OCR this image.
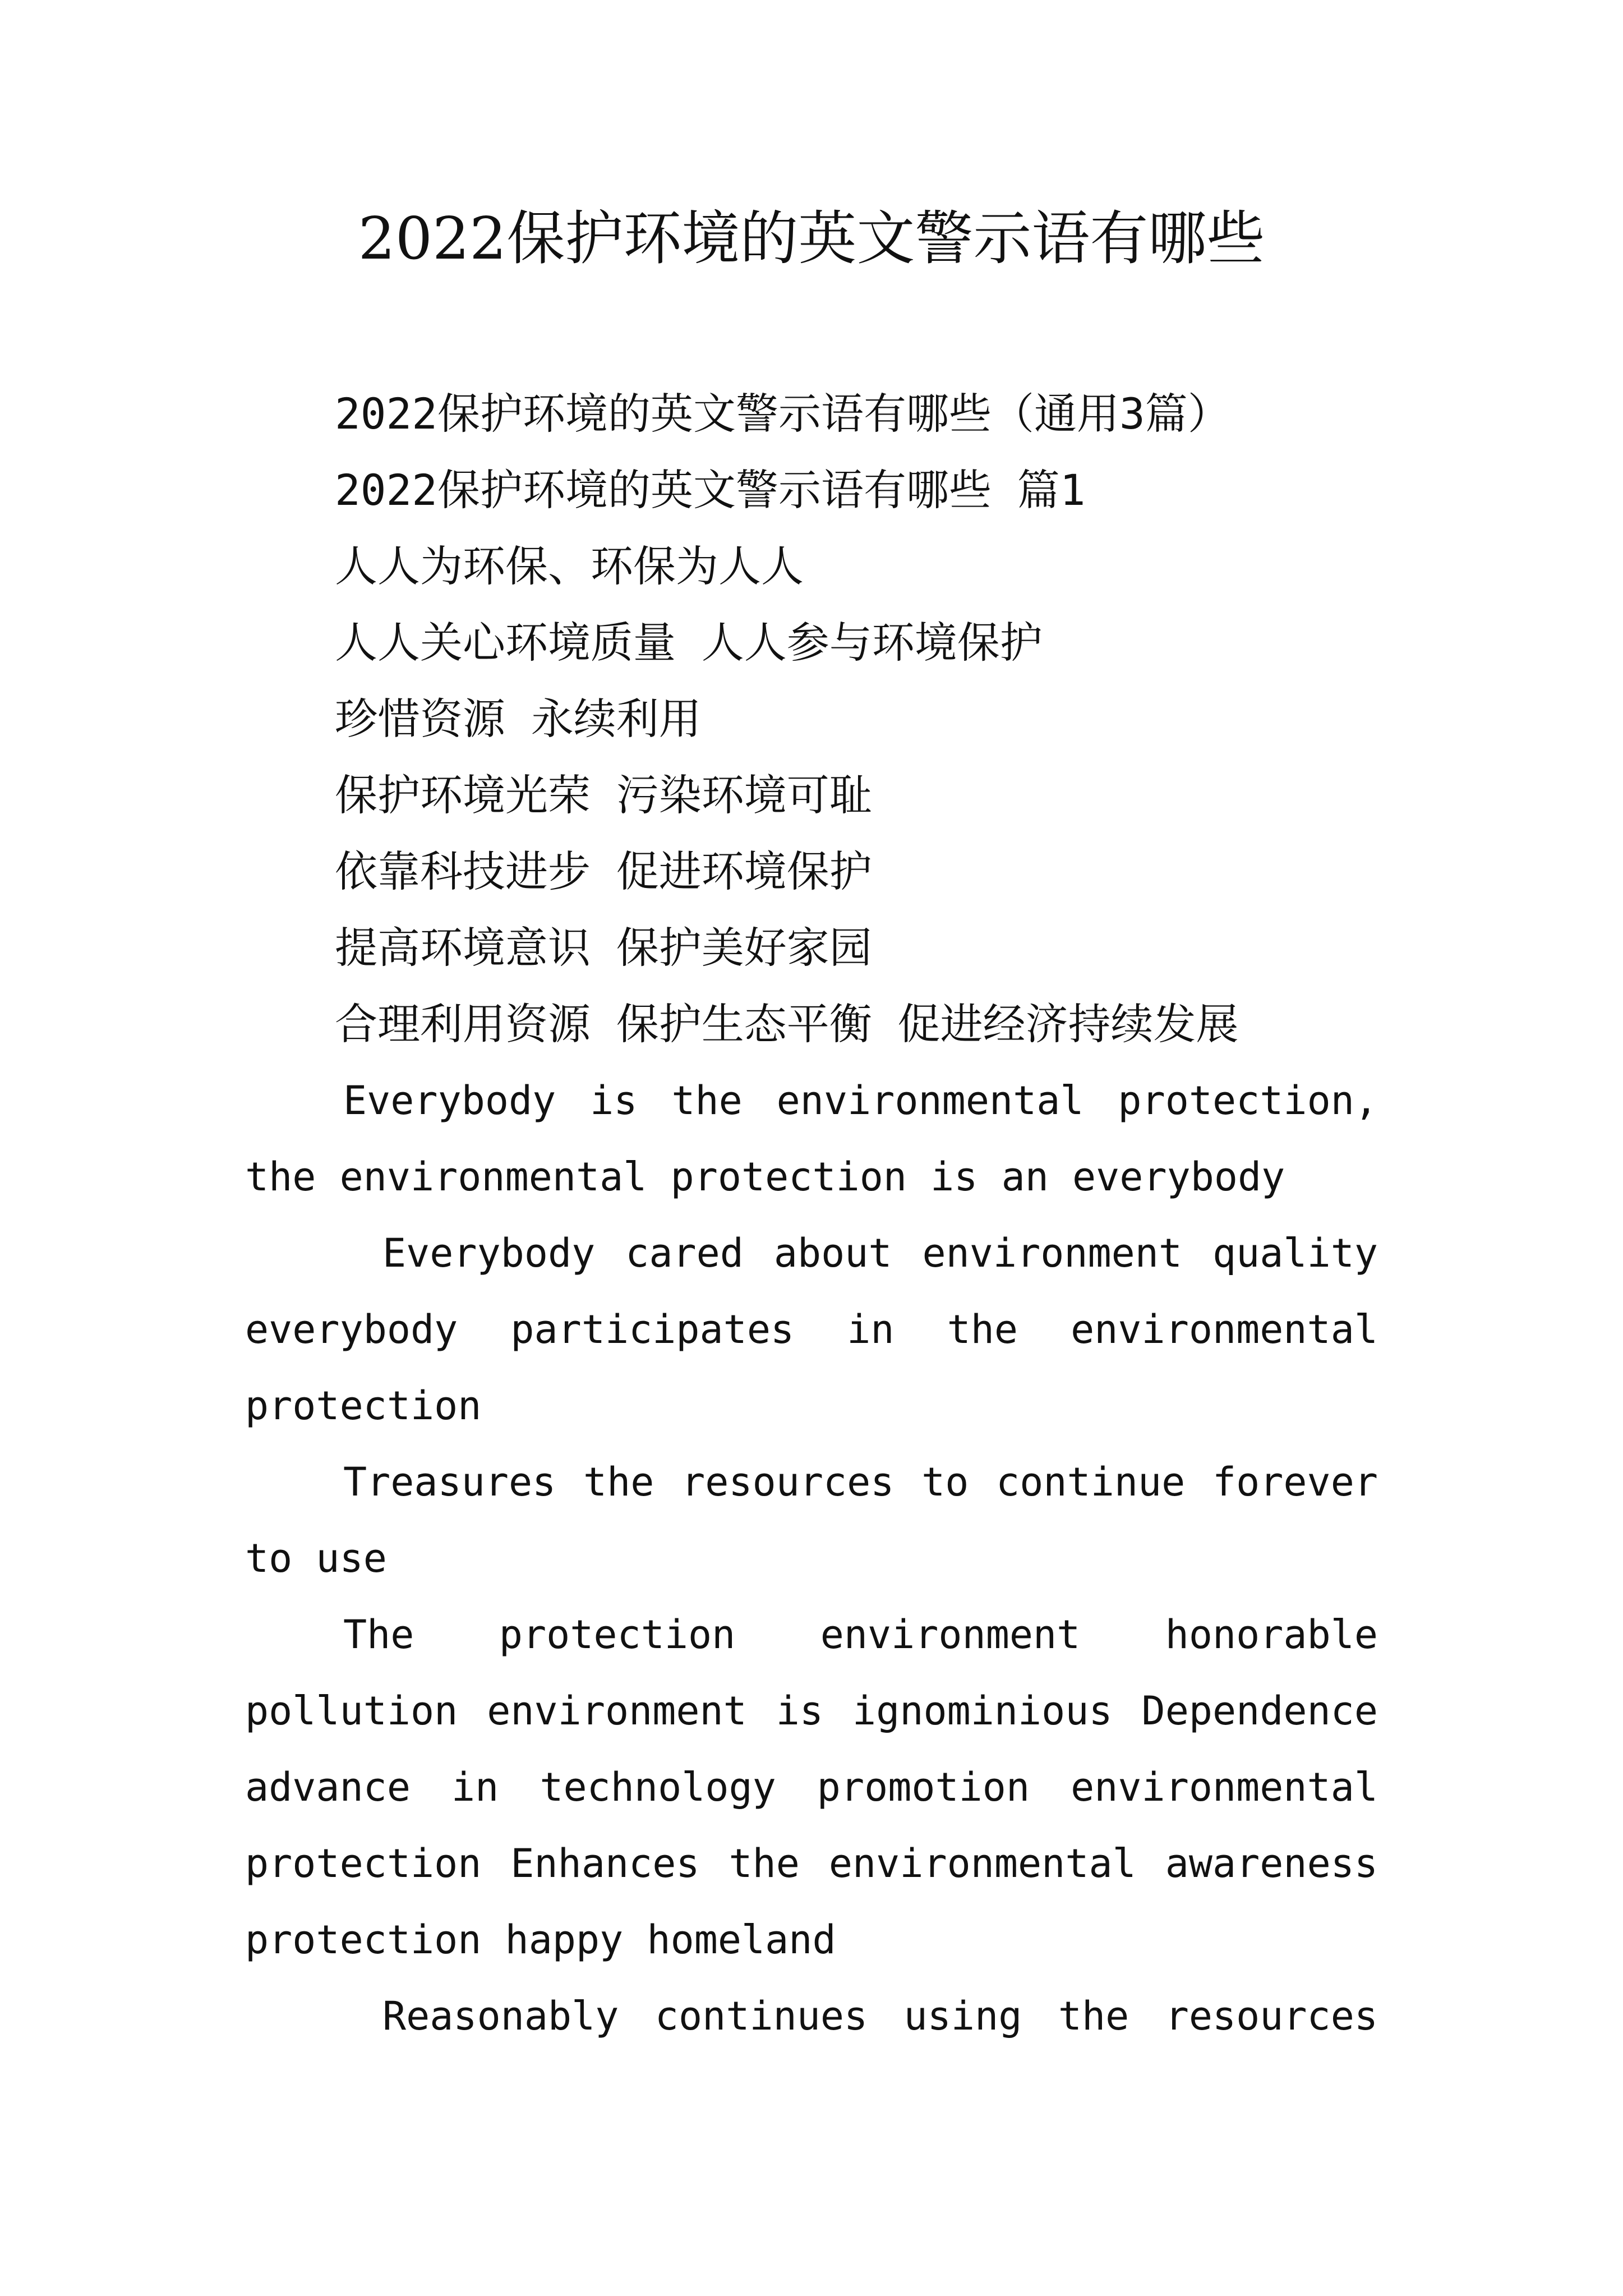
2022保护环境的英文警示语有哪些
2022保护环境的英文警示语有哪些（通用3篇）
2022保护环境的英文警示语有哪些 篇1
人人为环保、环保为人人
人人关心环境质量 人人参与环境保护
珍惜资源 永续利用
保护环境光荣 污染环境可耻
依靠科技进步 促进环境保护
提高环境意识 保护美好家园
合理利用资源 保护生态平衡 促进经济持续发展

Everybody is the environmental protection, the environmental protection is an everybody

Everybody cared about environment quality everybody participates in the environmental protection

Treasures the resources to continue forever to use

The protection environment honorable pollution environment is ignominious Dependence advance in technology promotion environmental protection Enhances the environmental awareness protection happy homeland

Reasonably continues using the resources
